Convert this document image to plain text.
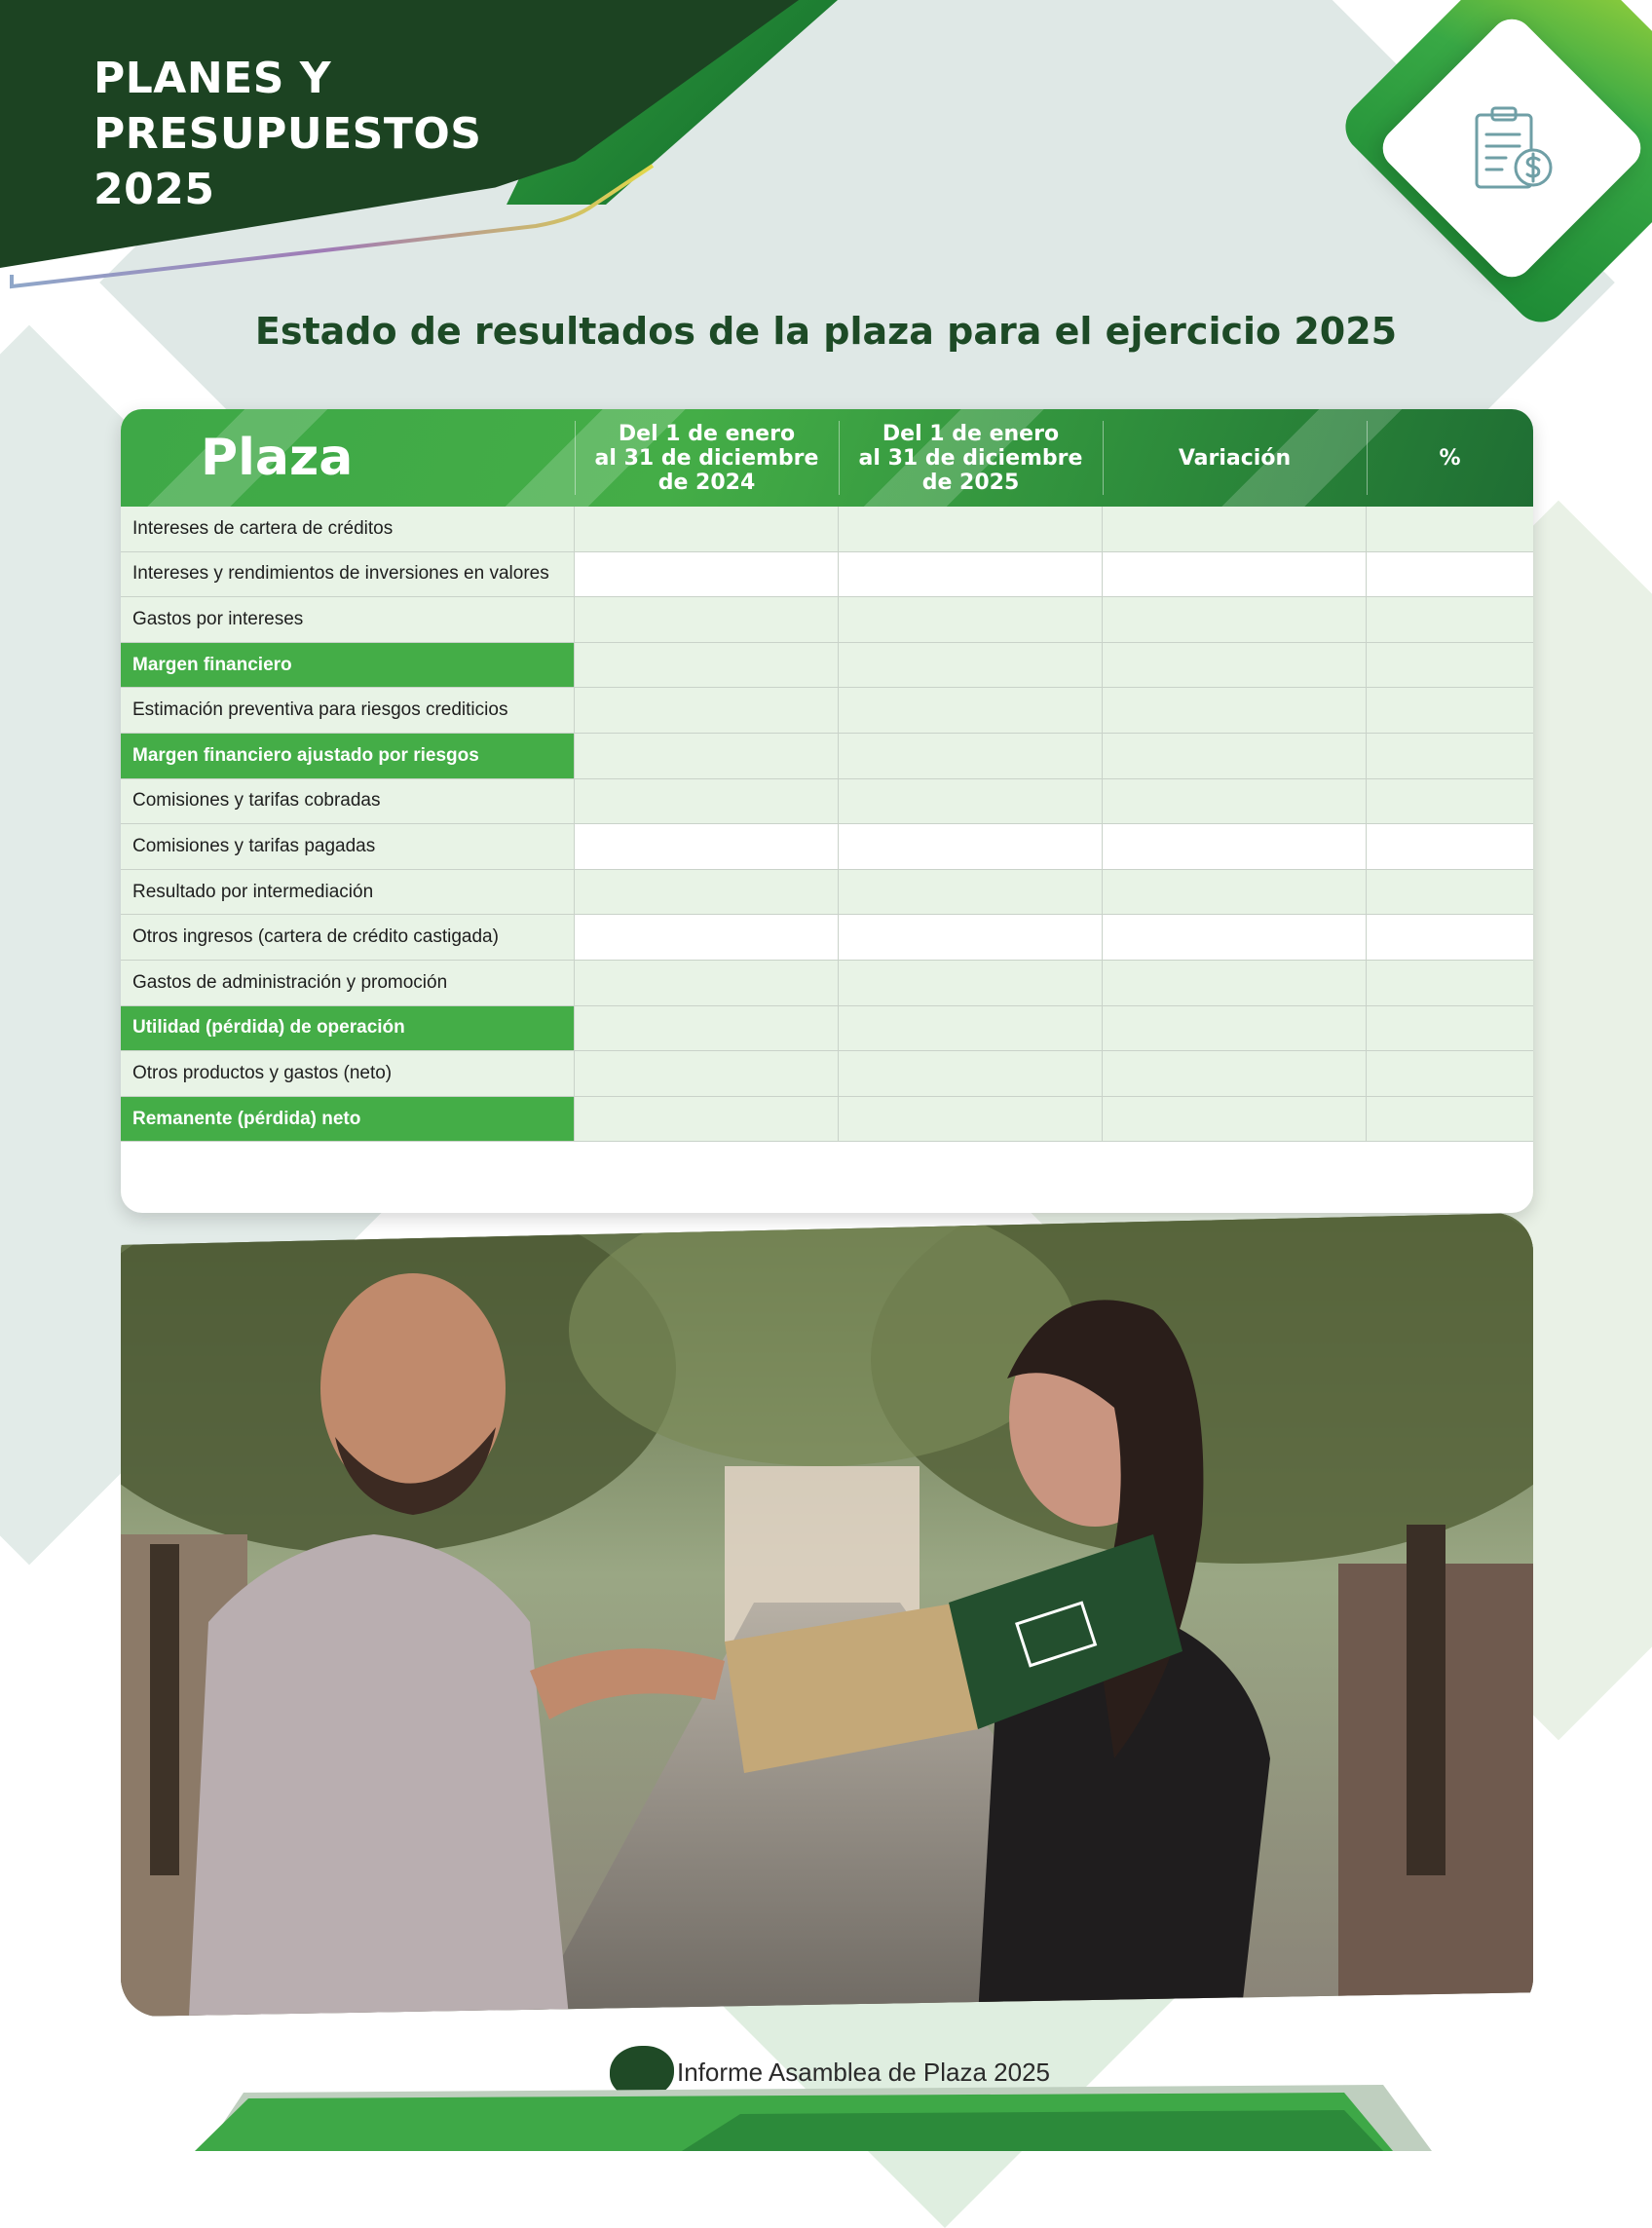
PLANES Y
PRESUPUESTOS
2025
Estado de resultados de la plaza para el ejercicio 2025
Plaza	Del 1 de enero
al 31 de diciembre
de 2024
Del 1 de enero
al 31 de diciembre
de 2025
Variación	%
Intereses de cartera de créditos
Intereses y rendimientos de inversiones en valores
Gastos por intereses
Margen financiero
Estimación preventiva para riesgos crediticios
Margen financiero ajustado por riesgos
Comisiones y tarifas cobradas
Comisiones y tarifas pagadas
Resultado por intermediación
Otros ingresos (cartera de crédito castigada)
Gastos de administración y promoción
Utilidad (pérdida) de operación
Otros productos y gastos (neto)
Remanente (pérdida) neto
Informe Asamblea de Plaza 2025
